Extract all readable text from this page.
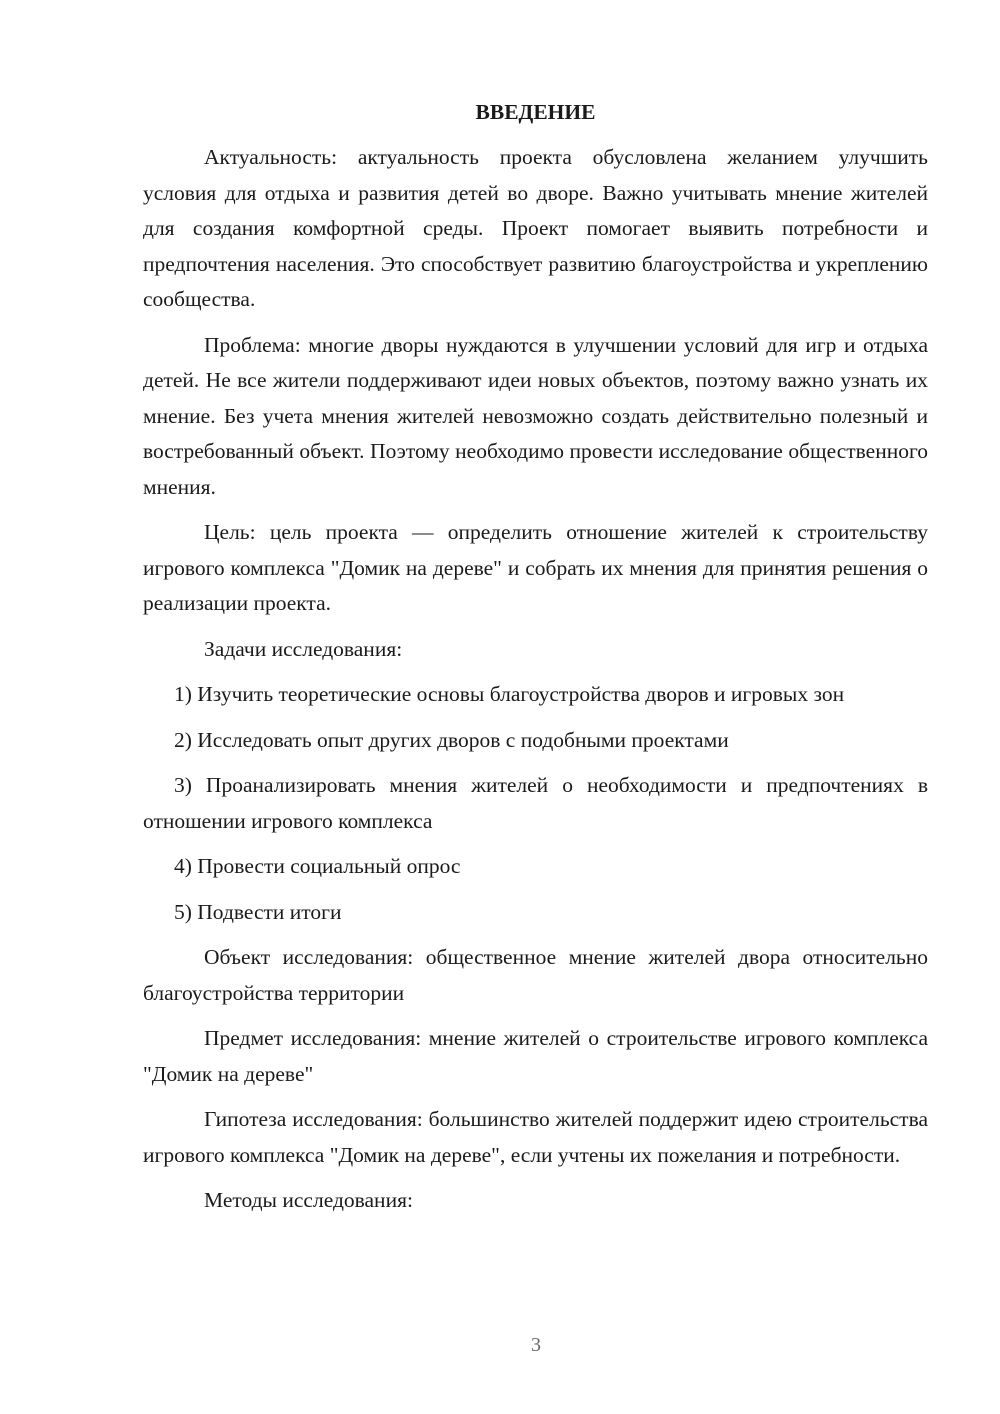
ВВЕДЕНИЕ

Актуальность: актуальность проекта обусловлена желанием улучшить условия для отдыха и развития детей во дворе. Важно учитывать мнение жителей для создания комфортной среды. Проект помогает выявить потребности и предпочтения населения. Это способствует развитию благоустройства и укреплению сообщества.

Проблема: многие дворы нуждаются в улучшении условий для игр и отдыха детей. Не все жители поддерживают идеи новых объектов, поэтому важно узнать их мнение. Без учета мнения жителей невозможно создать действительно полезный и востребованный объект. Поэтому необходимо провести исследование общественного мнения.

Цель: цель проекта — определить отношение жителей к строительству игрового комплекса "Домик на дереве" и собрать их мнения для принятия решения о реализации проекта.

Задачи исследования:

1) Изучить теоретические основы благоустройства дворов и игровых зон

2) Исследовать опыт других дворов с подобными проектами

3) Проанализировать мнения жителей о необходимости и предпочтениях в отношении игрового комплекса

4) Провести социальный опрос

5) Подвести итоги

Объект исследования: общественное мнение жителей двора относительно благоустройства территории

Предмет исследования: мнение жителей о строительстве игрового комплекса "Домик на дереве"

Гипотеза исследования: большинство жителей поддержит идею строительства игрового комплекса "Домик на дереве", если учтены их пожелания и потребности.

Методы исследования:

3
